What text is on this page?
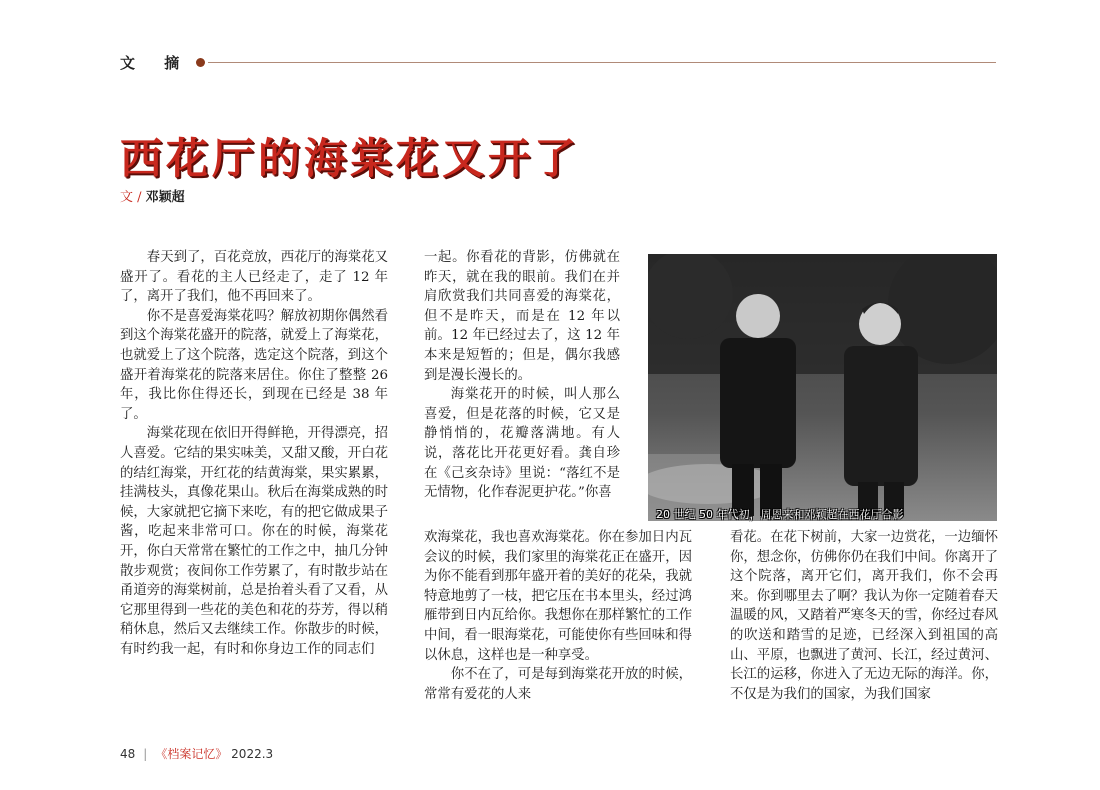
文 摘
西花厅的海棠花又开了
文 / 邓颖超

春天到了，百花竞放，西花厅的海棠花又盛开了。看花的主人已经走了，走了 12 年了，离开了我们，他不再回来了。

你不是喜爱海棠花吗？解放初期你偶然看到这个海棠花盛开的院落，就爱上了海棠花，也就爱上了这个院落，选定这个院落，到这个盛开着海棠花的院落来居住。你住了整整 26 年，我比你住得还长，到现在已经是 38 年了。

海棠花现在依旧开得鲜艳，开得漂亮，招人喜爱。它结的果实味美，又甜又酸，开白花的结红海棠，开红花的结黄海棠，果实累累，挂满枝头，真像花果山。秋后在海棠成熟的时候，大家就把它摘下来吃，有的把它做成果子酱，吃起来非常可口。你在的时候，海棠花开，你白天常常在繁忙的工作之中，抽几分钟散步观赏；夜间你工作劳累了，有时散步站在甬道旁的海棠树前，总是抬着头看了又看，从它那里得到一些花的美色和花的芬芳，得以稍稍休息，然后又去继续工作。你散步的时候，有时约我一起，有时和你身边工作的同志们

一起。你看花的背影，仿佛就在昨天，就在我的眼前。我们在并肩欣赏我们共同喜爱的海棠花，但不是昨天，而是在 12 年以前。12 年已经过去了，这 12 年本来是短暂的；但是，偶尔我感到是漫长漫长的。

海棠花开的时候，叫人那么喜爱，但是花落的时候，它又是静悄悄的，花瓣落满地。有人说，落花比开花更好看。龚自珍在《己亥杂诗》里说：“落红不是无情物，化作春泥更护花。”你喜

20 世纪 50 年代初，周恩来和邓颖超在西花厅合影

欢海棠花，我也喜欢海棠花。你在参加日内瓦会议的时候，我们家里的海棠花正在盛开，因为你不能看到那年盛开着的美好的花朵，我就特意地剪了一枝，把它压在书本里头，经过鸿雁带到日内瓦给你。我想你在那样繁忙的工作中间，看一眼海棠花，可能使你有些回味和得以休息，这样也是一种享受。

你不在了，可是每到海棠花开放的时候，常常有爱花的人来

看花。在花下树前，大家一边赏花，一边缅怀你，想念你，仿佛你仍在我们中间。你离开了这个院落，离开它们，离开我们，你不会再来。你到哪里去了啊？我认为你一定随着春天温暖的风，又踏着严寒冬天的雪，你经过春风的吹送和踏雪的足迹，已经深入到祖国的高山、平原，也飘进了黄河、长江，经过黄河、长江的运移，你进入了无边无际的海洋。你，不仅是为我们的国家，为我们国家

48 | 《档案记忆》 2022.3
